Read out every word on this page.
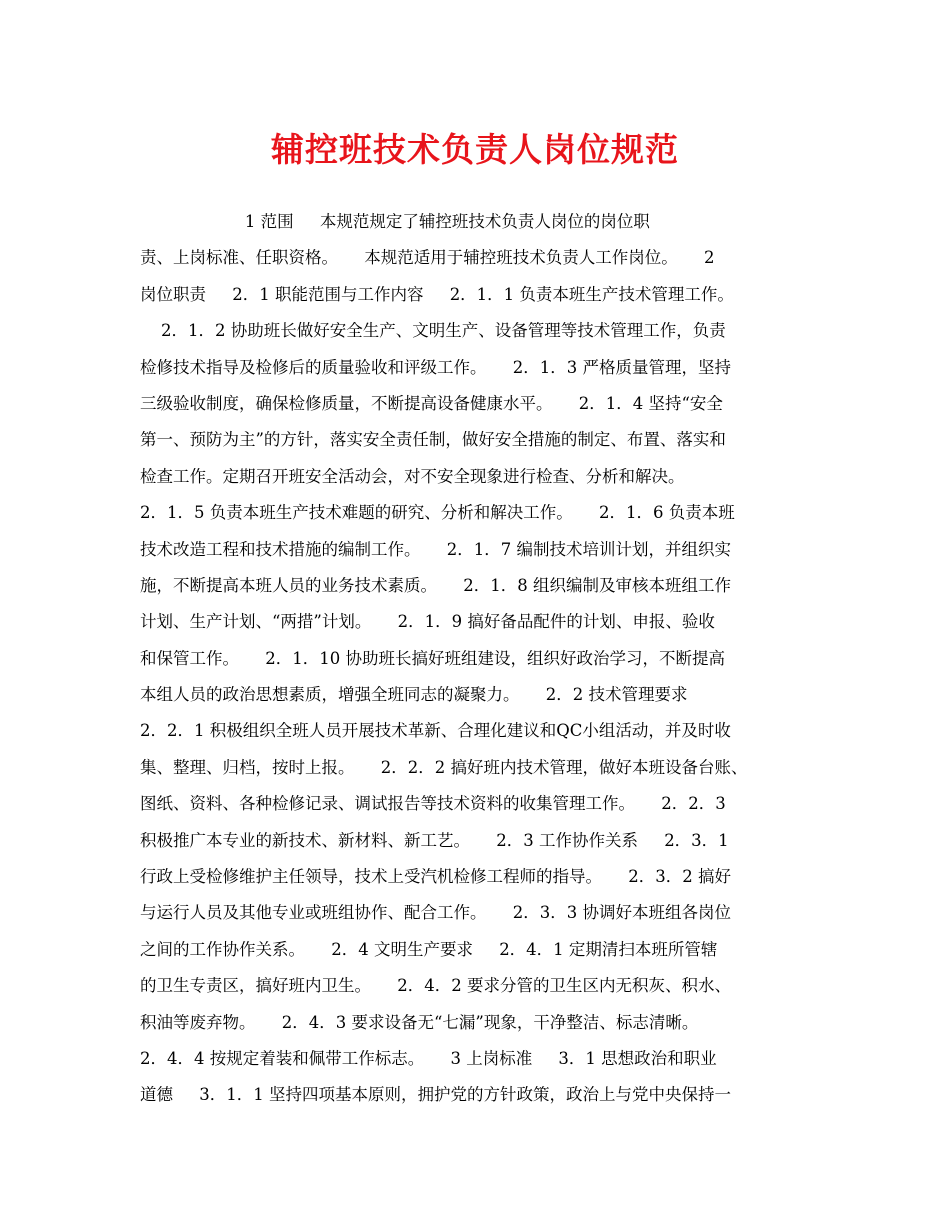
辅控班技术负责人岗位规范

1 范围     本规范规定了辅控班技术负责人岗位的岗位职

责、上岗标准、任职资格。     本规范适用于辅控班技术负责人工作岗位。     2

岗位职责     2．1 职能范围与工作内容     2．1．1 负责本班生产技术管理工作。

2．1．2 协助班长做好安全生产、文明生产、设备管理等技术管理工作，负责

检修技术指导及检修后的质量验收和评级工作。     2．1．3 严格质量管理，坚持

三级验收制度，确保检修质量，不断提高设备健康水平。     2．1．4 坚持“安全

第一、预防为主”的方针，落实安全责任制，做好安全措施的制定、布置、落实和

检查工作。定期召开班安全活动会，对不安全现象进行检查、分析和解决。

2．1．5 负责本班生产技术难题的研究、分析和解决工作。     2．1．6 负责本班

技术改造工程和技术措施的编制工作。     2．1．7 编制技术培训计划，并组织实

施，不断提高本班人员的业务技术素质。     2．1．8 组织编制及审核本班组工作

计划、生产计划、“两措”计划。     2．1．9 搞好备品配件的计划、申报、验收

和保管工作。     2．1．10 协助班长搞好班组建设，组织好政治学习，不断提高

本组人员的政治思想素质，增强全班同志的凝聚力。     2．2 技术管理要求

2．2．1 积极组织全班人员开展技术革新、合理化建议和QC小组活动，并及时收

集、整理、归档，按时上报。     2．2．2 搞好班内技术管理，做好本班设备台账、

图纸、资料、各种检修记录、调试报告等技术资料的收集管理工作。     2．2．3

积极推广本专业的新技术、新材料、新工艺。     2．3 工作协作关系     2．3．1

行政上受检修维护主任领导，技术上受汽机检修工程师的指导。     2．3．2 搞好

与运行人员及其他专业或班组协作、配合工作。     2．3．3 协调好本班组各岗位

之间的工作协作关系。     2．4 文明生产要求     2．4．1 定期清扫本班所管辖

的卫生专责区，搞好班内卫生。     2．4．2 要求分管的卫生区内无积灰、积水、

积油等废弃物。     2．4．3 要求设备无“七漏”现象，干净整洁、标志清晰。

2．4．4 按规定着装和佩带工作标志。     3 上岗标准     3．1 思想政治和职业

道德     3．1．1 坚持四项基本原则，拥护党的方针政策，政治上与党中央保持一
